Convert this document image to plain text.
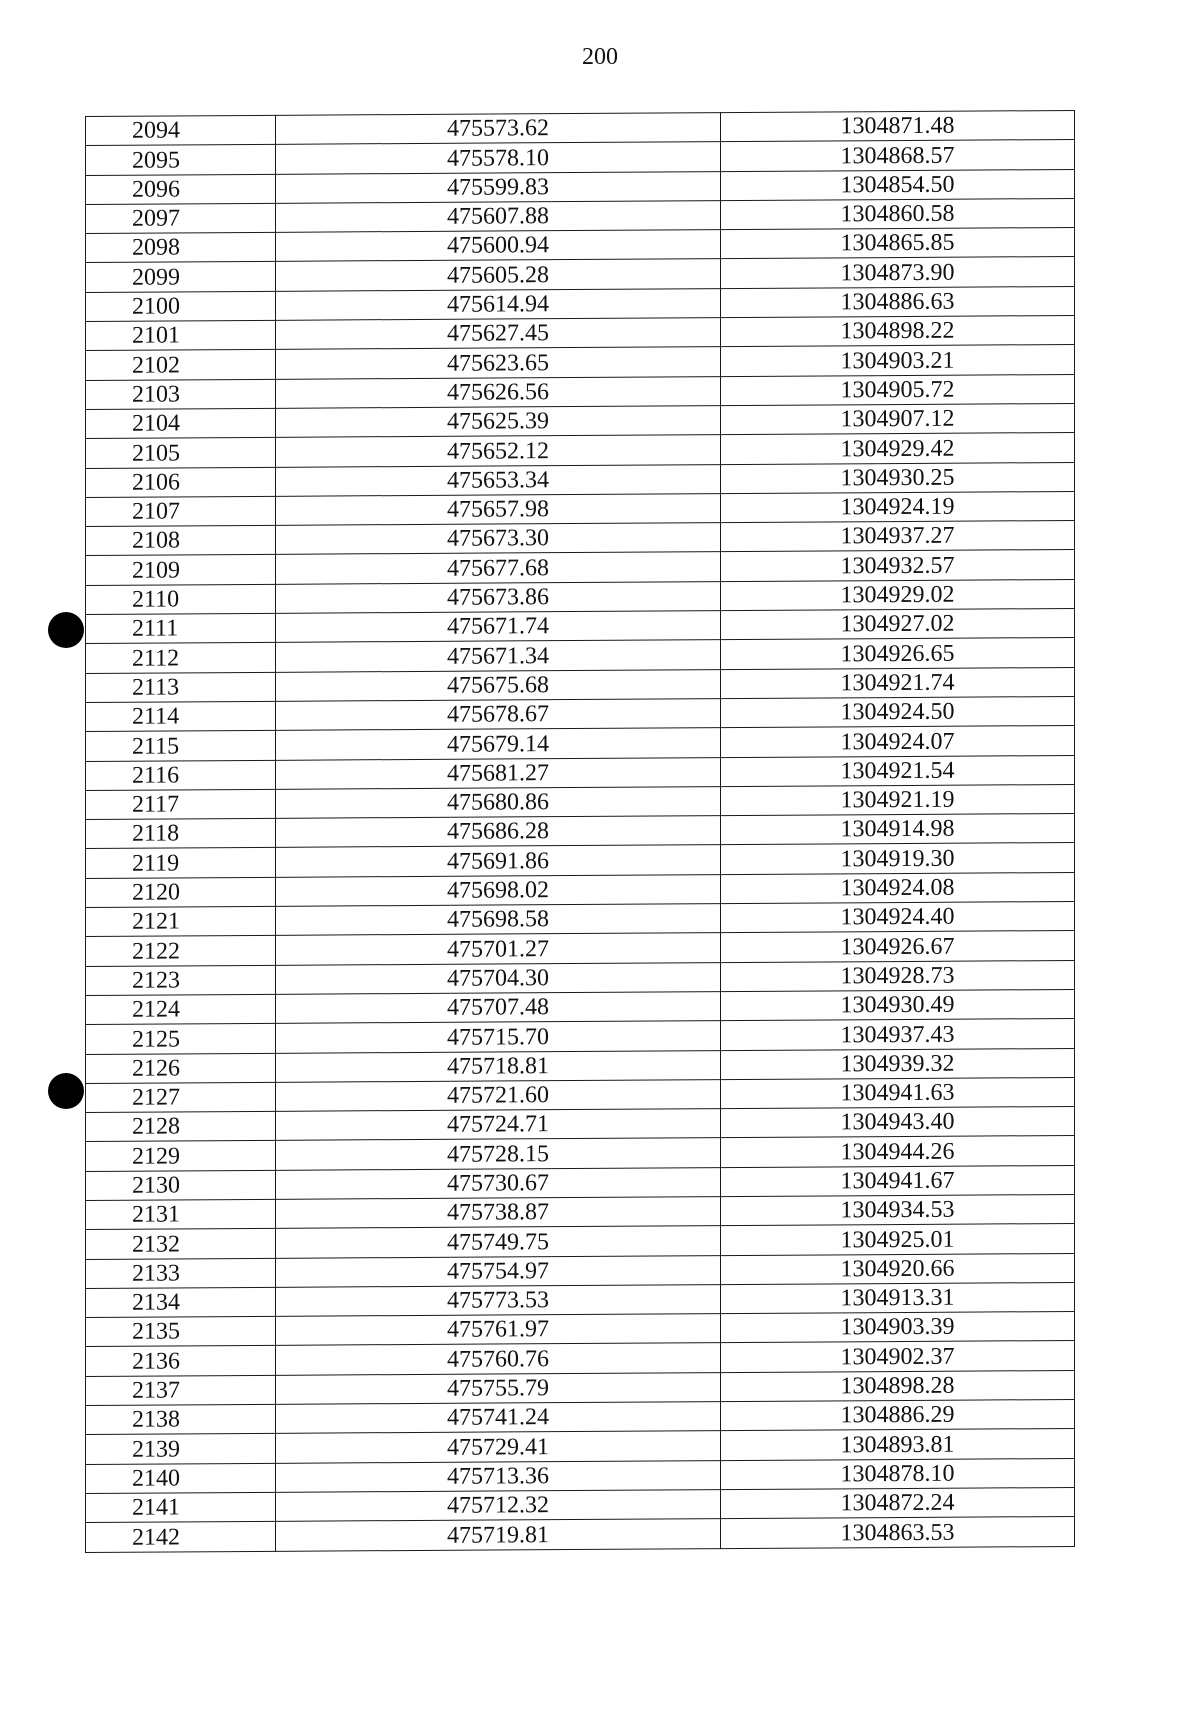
200
2094	475573.62	1304871.48
2095	475578.10	1304868.57
2096	475599.83	1304854.50
2097	475607.88	1304860.58
2098	475600.94	1304865.85
2099	475605.28	1304873.90
2100	475614.94	1304886.63
2101	475627.45	1304898.22
2102	475623.65	1304903.21
2103	475626.56	1304905.72
2104	475625.39	1304907.12
2105	475652.12	1304929.42
2106	475653.34	1304930.25
2107	475657.98	1304924.19
2108	475673.30	1304937.27
2109	475677.68	1304932.57
2110	475673.86	1304929.02
2111	475671.74	1304927.02
2112	475671.34	1304926.65
2113	475675.68	1304921.74
2114	475678.67	1304924.50
2115	475679.14	1304924.07
2116	475681.27	1304921.54
2117	475680.86	1304921.19
2118	475686.28	1304914.98
2119	475691.86	1304919.30
2120	475698.02	1304924.08
2121	475698.58	1304924.40
2122	475701.27	1304926.67
2123	475704.30	1304928.73
2124	475707.48	1304930.49
2125	475715.70	1304937.43
2126	475718.81	1304939.32
2127	475721.60	1304941.63
2128	475724.71	1304943.40
2129	475728.15	1304944.26
2130	475730.67	1304941.67
2131	475738.87	1304934.53
2132	475749.75	1304925.01
2133	475754.97	1304920.66
2134	475773.53	1304913.31
2135	475761.97	1304903.39
2136	475760.76	1304902.37
2137	475755.79	1304898.28
2138	475741.24	1304886.29
2139	475729.41	1304893.81
2140	475713.36	1304878.10
2141	475712.32	1304872.24
2142	475719.81	1304863.53
